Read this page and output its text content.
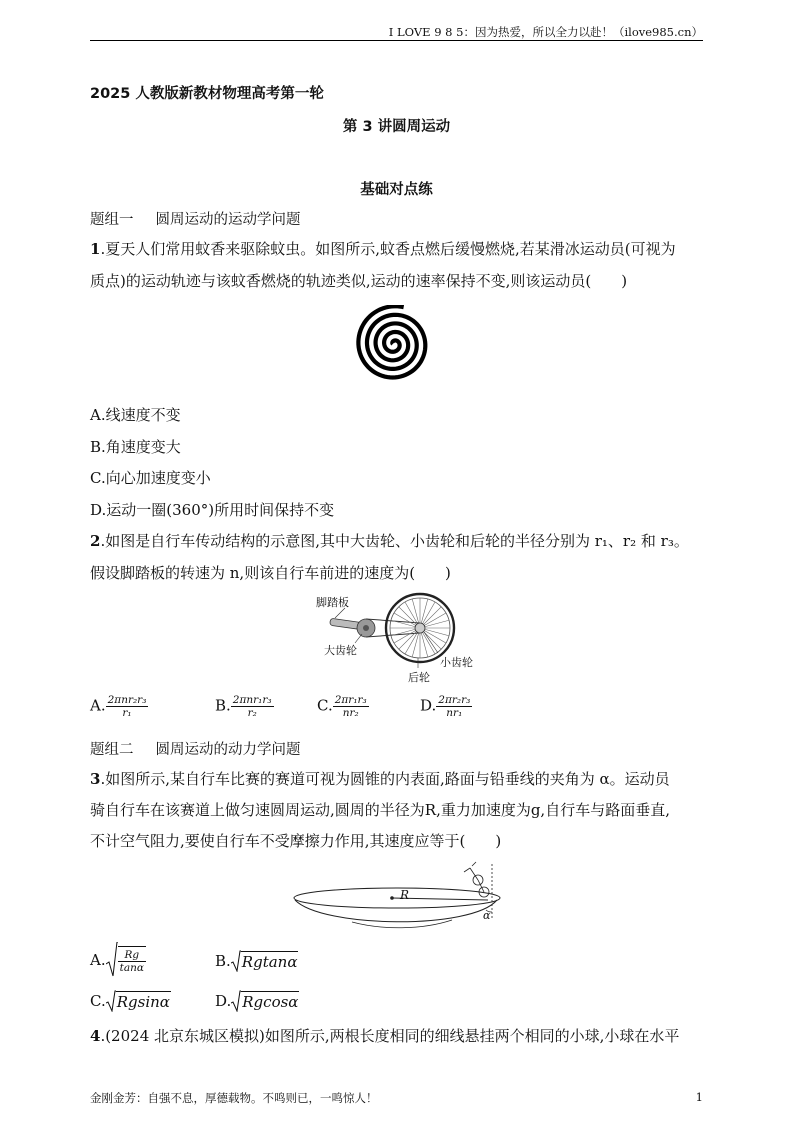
I LOVE 9 8 5：因为热爱，所以全力以赴！（ilove985.cn）
2025 人教版新教材物理高考第一轮
第 3 讲圆周运动
基础对点练
题组一 圆周运动的运动学问题
1.夏天人们常用蚊香来驱除蚊虫。如图所示,蚊香点燃后缓慢燃烧,若某滑冰运动员(可视为
质点)的运动轨迹与该蚊香燃烧的轨迹类似,运动的速率保持不变,则该运动员(　　)
A.线速度不变
B.角速度变大
C.向心加速度变小
D.运动一圈(360°)所用时间保持不变
2.如图是自行车传动结构的示意图,其中大齿轮、小齿轮和后轮的半径分别为 r₁、r₂ 和 r₃。
假设脚踏板的转速为 n,则该自行车前进的速度为(　　)
脚踏板
大齿轮
小齿轮
后轮
A. $\frac{\text{2πnr₂r₃}}{\text{r₁}}$	B. $\frac{\text{2πnr₁r₃}}{\text{r₂}}$	C. $\frac{\text{2πr₁r₃}}{\text{nr₂}}$	D. $\frac{\text{2πr₂r₃}}{\text{nr₁}}$
题组二 圆周运动的动力学问题
3.如图所示,某自行车比赛的赛道可视为圆锥的内表面,路面与铅垂线的夹角为 α。运动员
骑自行车在该赛道上做匀速圆周运动,圆周的半径为R,重力加速度为g,自行车与路面垂直,
不计空气阻力,要使自行车不受摩擦力作用,其速度应等于(　　)
R
α
A. $\frac{Rg}{\tan\alpha}$	B. Rgtanα
C. Rgsinα	D. Rgcosα
4.(2024 北京东城区模拟)如图所示,两根长度相同的细线悬挂两个相同的小球,小球在水平
金刚金芳：自强不息，厚德载物。不鸣则已，一鸣惊人！	1
